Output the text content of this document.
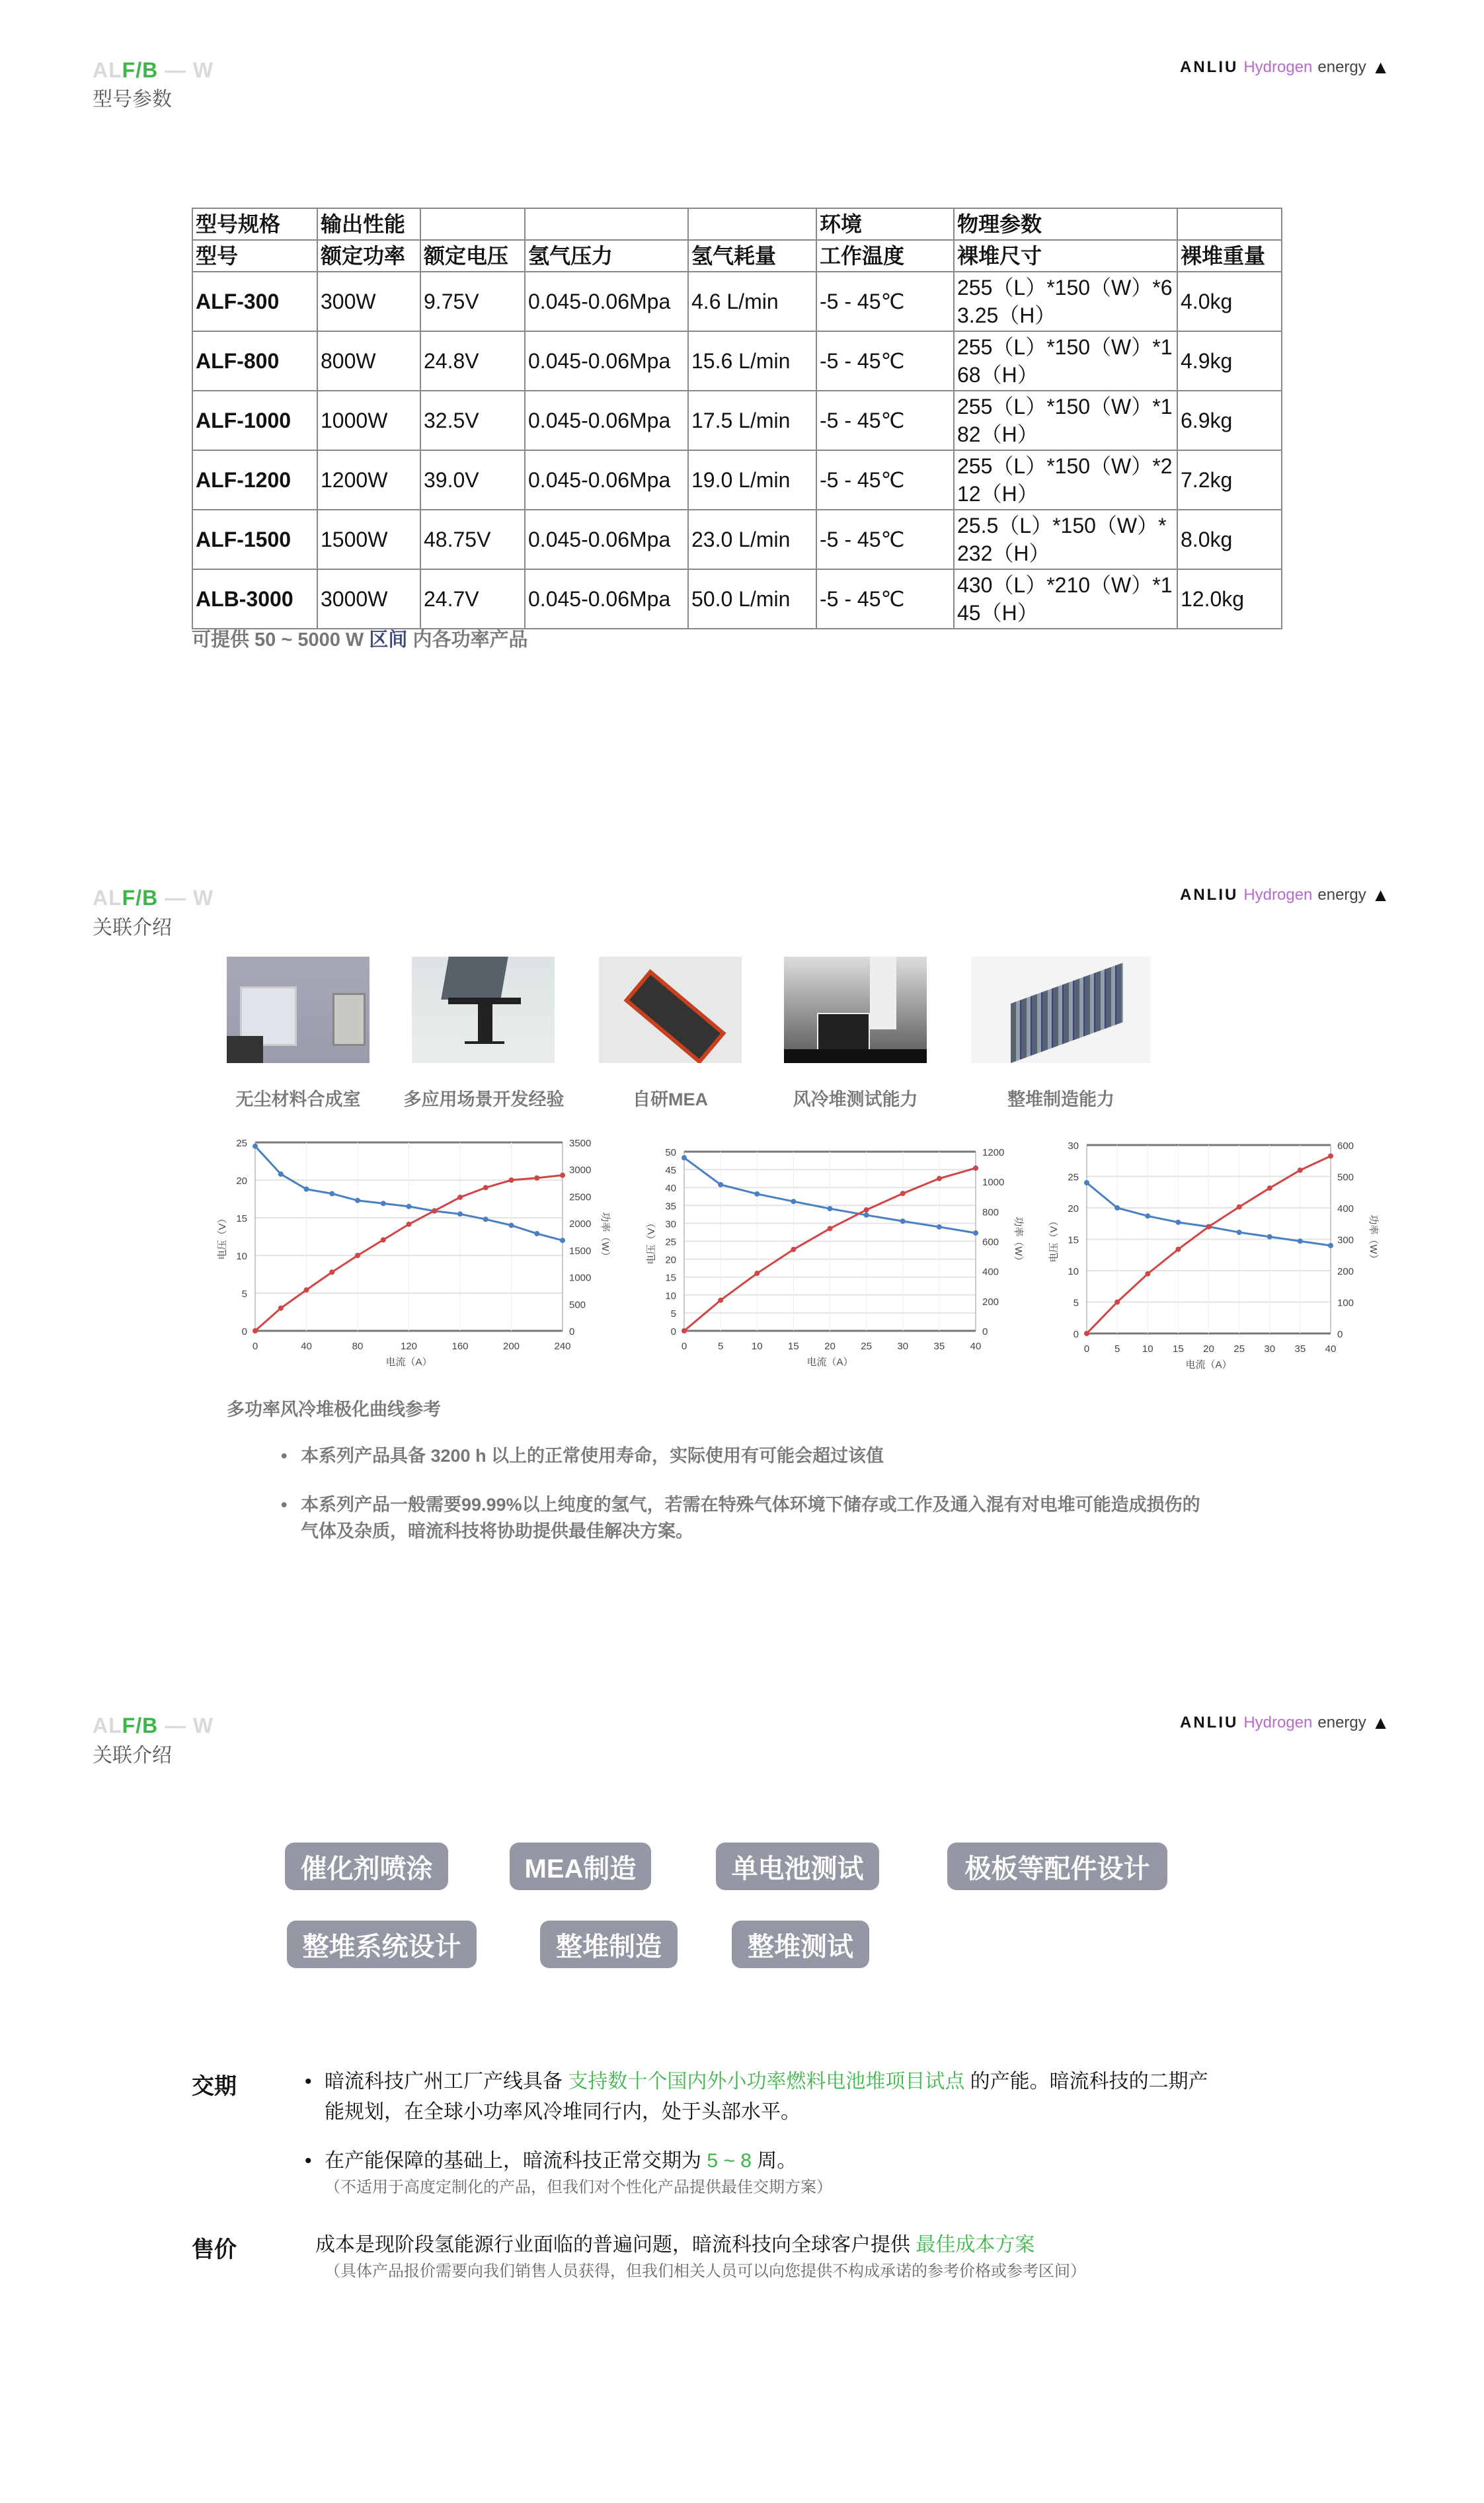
ALF/B — W
型号参数
ANLIU Hydrogen energy ▲
型号规格	输出性能				环境	物理参数	
型号	额定功率	额定电压	氢气压力	氢气耗量	工作温度	裸堆尺寸	裸堆重量
ALF-300	300W	9.75V	0.045-0.06Mpa	4.6 L/min	-5 - 45℃	255（L）*150（W）*63.25（H）	4.0kg
ALF-800	800W	24.8V	0.045-0.06Mpa	15.6 L/min	-5 - 45℃	255（L）*150（W）*168（H）	4.9kg
ALF-1000	1000W	32.5V	0.045-0.06Mpa	17.5 L/min	-5 - 45℃	255（L）*150（W）*182（H）	6.9kg
ALF-1200	1200W	39.0V	0.045-0.06Mpa	19.0 L/min	-5 - 45℃	255（L）*150（W）*212（H）	7.2kg
ALF-1500	1500W	48.75V	0.045-0.06Mpa	23.0 L/min	-5 - 45℃	25.5（L）*150（W）*232（H）	8.0kg
ALB-3000	3000W	24.7V	0.045-0.06Mpa	50.0 L/min	-5 - 45℃	430（L）*210（W）*145（H）	12.0kg
可提供 50 ~ 5000 W 区间 内各功率产品
ALF/B — W
关联介绍
ANLIU Hydrogen energy ▲
无尘材料合成室	多应用场景开发经验	自研MEA	风冷堆测试能力	整堆制造能力
0
5
10
15
20
25
0	40	80	120	160	200	240
0
500
1000
1500
2000
2500
3000
3500
电流（A）
电压（V）	功率（W）
0
5
10
15
20
25
30
35
40
45
50
0	5	10	15	20	25	30	35	40
0
200
400
600
800
1000
1200
电流（A）
电压（V）	功率（W）
0
5
10
15
20
25
30
0	5 10 15 20 25 30 35 40
0
100
200
300
400
500
600
电流（A）
电压（V）	功率（W）
多功率风冷堆极化曲线参考
• 本系列产品具备 3200 h 以上的正常使用寿命，实际使用有可能会超过该值
• 本系列产品一般需要99.99%以上纯度的氢气，若需在特殊气体环境下储存或工作及通入混有对电堆可能造成损伤的
气体及杂质，暗流科技将协助提供最佳解决方案。
ALF/B — W
关联介绍
ANLIU Hydrogen energy ▲
催化剂喷涂	MEA制造	单电池测试	极板等配件设计
整堆系统设计	整堆制造	整堆测试
交期	• 暗流科技广州工厂产线具备 支持数十个国内外小功率燃料电池堆项目试点 的产能。暗流科技的二期产
能规划，在全球小功率风冷堆同行内，处于头部水平。
• 在产能保障的基础上，暗流科技正常交期为 5 ~ 8 周。
（不适用于高度定制化的产品，但我们对个性化产品提供最佳交期方案）
售价	成本是现阶段氢能源行业面临的普遍问题，暗流科技向全球客户提供 最佳成本方案
（具体产品报价需要向我们销售人员获得，但我们相关人员可以向您提供不构成承诺的参考价格或参考区间）
